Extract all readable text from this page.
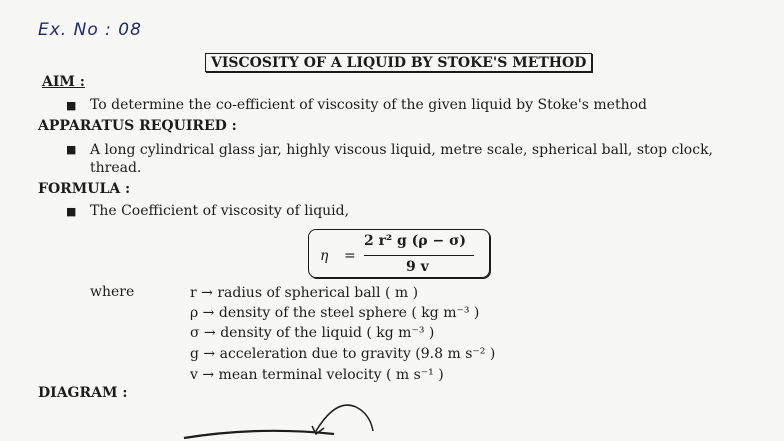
Ex. No : 08
VISCOSITY OF A LIQUID BY STOKE'S METHOD
AIM :
■ To determine the co-efficient of viscosity of the given liquid by Stoke's method
APPARATUS REQUIRED :
■ A long cylindrical glass jar, highly viscous liquid, metre scale, spherical ball, stop clock,
thread.
FORMULA :
■ The Coefficient of viscosity of liquid,
η =
2 r² g (ρ − σ)
9 v
where	r → radius of spherical ball ( m )
ρ → density of the steel sphere ( kg m⁻³ )
σ → density of the liquid ( kg m⁻³ )
g → acceleration due to gravity (9.8 m s⁻² )
v → mean terminal velocity ( m s⁻¹ )
DIAGRAM :
